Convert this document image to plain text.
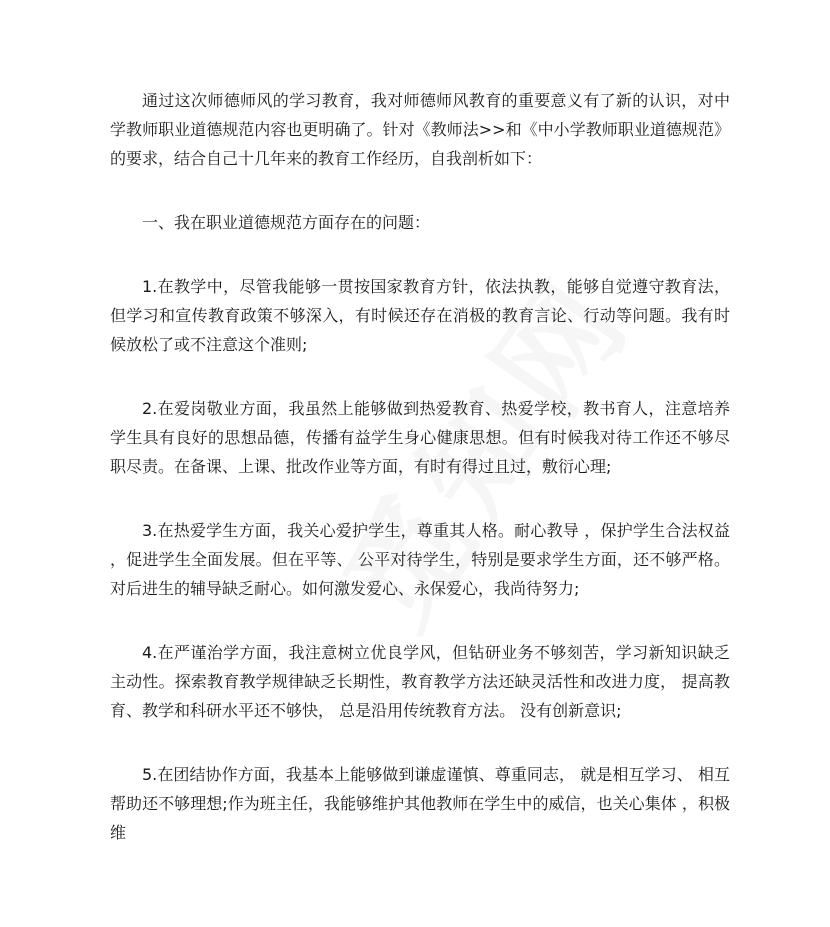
通过这次师德师风的学习教育，我对师德师风教育的重要意义有了新的认识，对中学教师职业道德规范内容也更明确了。针对《教师法>>和《中小学教师职业道德规范》的要求，结合自己十几年来的教育工作经历，自我剖析如下：

一、我在职业道德规范方面存在的问题：

1.在教学中，尽管我能够一贯按国家教育方针，依法执教，能够自觉遵守教育法，但学习和宣传教育政策不够深入，有时候还存在消极的教育言论、行动等问题。我有时候放松了或不注意这个准则;

2.在爱岗敬业方面，我虽然上能够做到热爱教育、热爱学校，教书育人，注意培养学生具有良好的思想品德，传播有益学生身心健康思想。但有时候我对待工作还不够尽职尽责。在备课、上课、批改作业等方面，有时有得过且过，敷衍心理;

3.在热爱学生方面，我关心爱护学生，尊重其人格。耐心教导 ，保护学生合法权益 ，促进学生全面发展。但在平等、 公平对待学生，特别是要求学生方面，还不够严格。对后进生的辅导缺乏耐心。如何激发爱心、永保爱心，我尚待努力;

4.在严谨治学方面，我注意树立优良学风，但钻研业务不够刻苦，学习新知识缺乏主动性。探索教育教学规律缺乏长期性，教育教学方法还缺灵活性和改进力度， 提高教育、教学和科研水平还不够快， 总是沿用传统教育方法。 没有创新意识;

5.在团结协作方面，我基本上能够做到谦虚谨慎、尊重同志， 就是相互学习、 相互帮助还不够理想;作为班主任，我能够维护其他教师在学生中的威信，也关心集体 ，积极维
